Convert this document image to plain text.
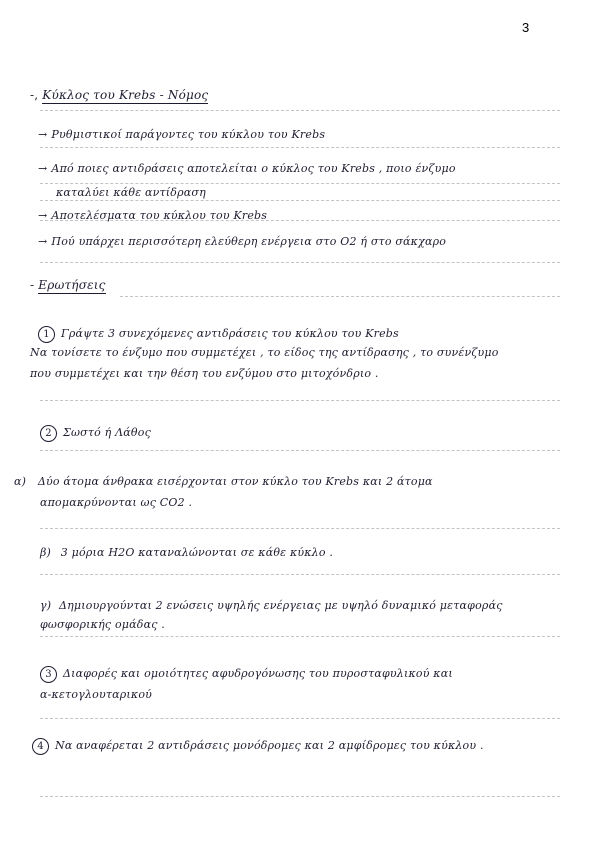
3
-, Κύκλος του Krebs - Νόμος
→ Ρυθμιστικοί παράγοντες του κύκλου του Krebs
→ Από ποιες αντιδράσεις αποτελείται ο κύκλος του Krebs , ποιο ένζυμο
καταλύει κάθε αντίδραση
→ Αποτελέσματα του κύκλου του Krebs
→ Πού υπάρχει περισσότερη ελεύθερη ενέργεια στο Ο2 ή στο σάκχαρο
- Ερωτήσεις
1 Γράψτε 3 συνεχόμενες αντιδράσεις του κύκλου του Krebs
Να τονίσετε το ένζυμο που συμμετέχει , το είδος της αντίδρασης , το συνένζυμο
που συμμετέχει και την θέση του ενζύμου στο μιτοχόνδριο .
2 Σωστό ή Λάθος
α) Δύο άτομα άνθρακα εισέρχονται στον κύκλο του Krebs και 2 άτομα
απομακρύνονται ως CO2 .
β) 3 μόρια H2O καταναλώνονται σε κάθε κύκλο .
γ) Δημιουργούνται 2 ενώσεις υψηλής ενέργειας με υψηλό δυναμικό μεταφοράς
φωσφορικής ομάδας .
3 Διαφορές και ομοιότητες αφυδρογόνωσης του πυροσταφυλικού και
α-κετογλουταρικού
4 Να αναφέρεται 2 αντιδράσεις μονόδρομες και 2 αμφίδρομες του κύκλου .
